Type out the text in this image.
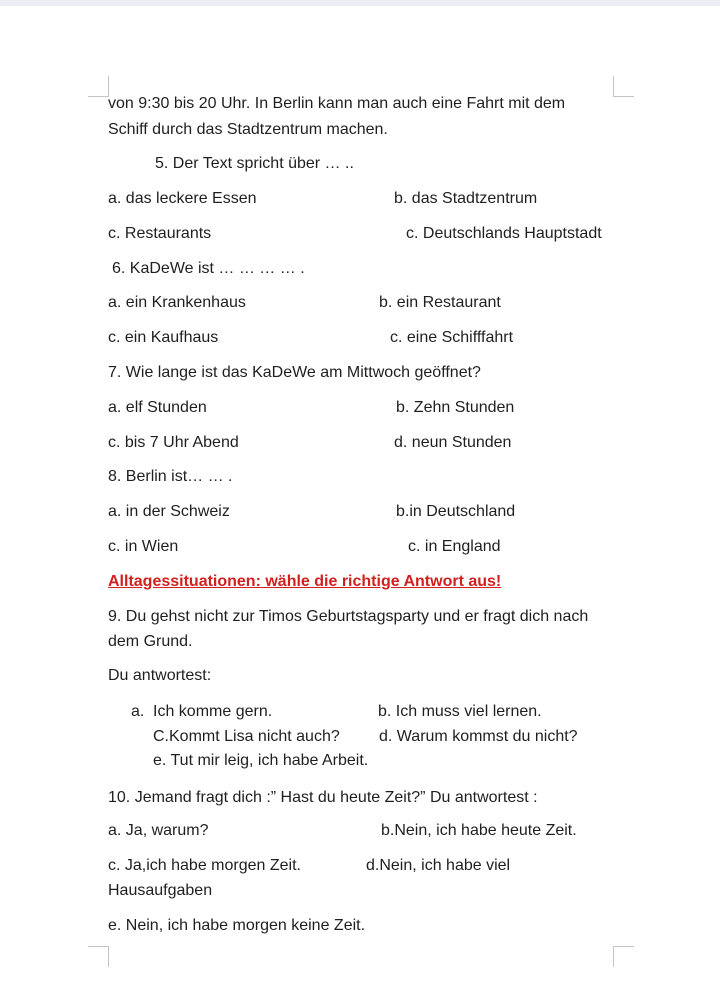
von 9:30 bis 20 Uhr. In Berlin kann man auch eine Fahrt mit dem
Schiff durch das Stadtzentrum machen.
5. Der Text spricht über … ..
a. das leckere Essen	b. das Stadtzentrum
c. Restaurants	c. Deutschlands Hauptstadt
6. KaDeWe ist … … … … .
a. ein Krankenhaus	b. ein Restaurant
c. ein Kaufhaus	c. eine Schifffahrt
7. Wie lange ist das KaDeWe am Mittwoch geöffnet?
a. elf Stunden	b. Zehn Stunden
c. bis 7 Uhr Abend	d. neun Stunden
8. Berlin ist… … .
a. in der Schweiz	b.in Deutschland
c. in Wien	c. in England
Alltagessituationen: wähle die richtige Antwort aus!
9. Du gehst nicht zur Timos Geburtstagsparty und er fragt dich nach
dem Grund.
Du antwortest:
a. Ich komme gern.	b. Ich muss viel lernen.
C.Kommt Lisa nicht auch? d. Warum kommst du nicht?
e. Tut mir leig, ich habe Arbeit.
10. Jemand fragt dich :” Hast du heute Zeit?” Du antwortest :
a. Ja, warum?	b.Nein, ich habe heute Zeit.
c. Ja,ich habe morgen Zeit.	d.Nein, ich habe viel
Hausaufgaben
e. Nein, ich habe morgen keine Zeit.
